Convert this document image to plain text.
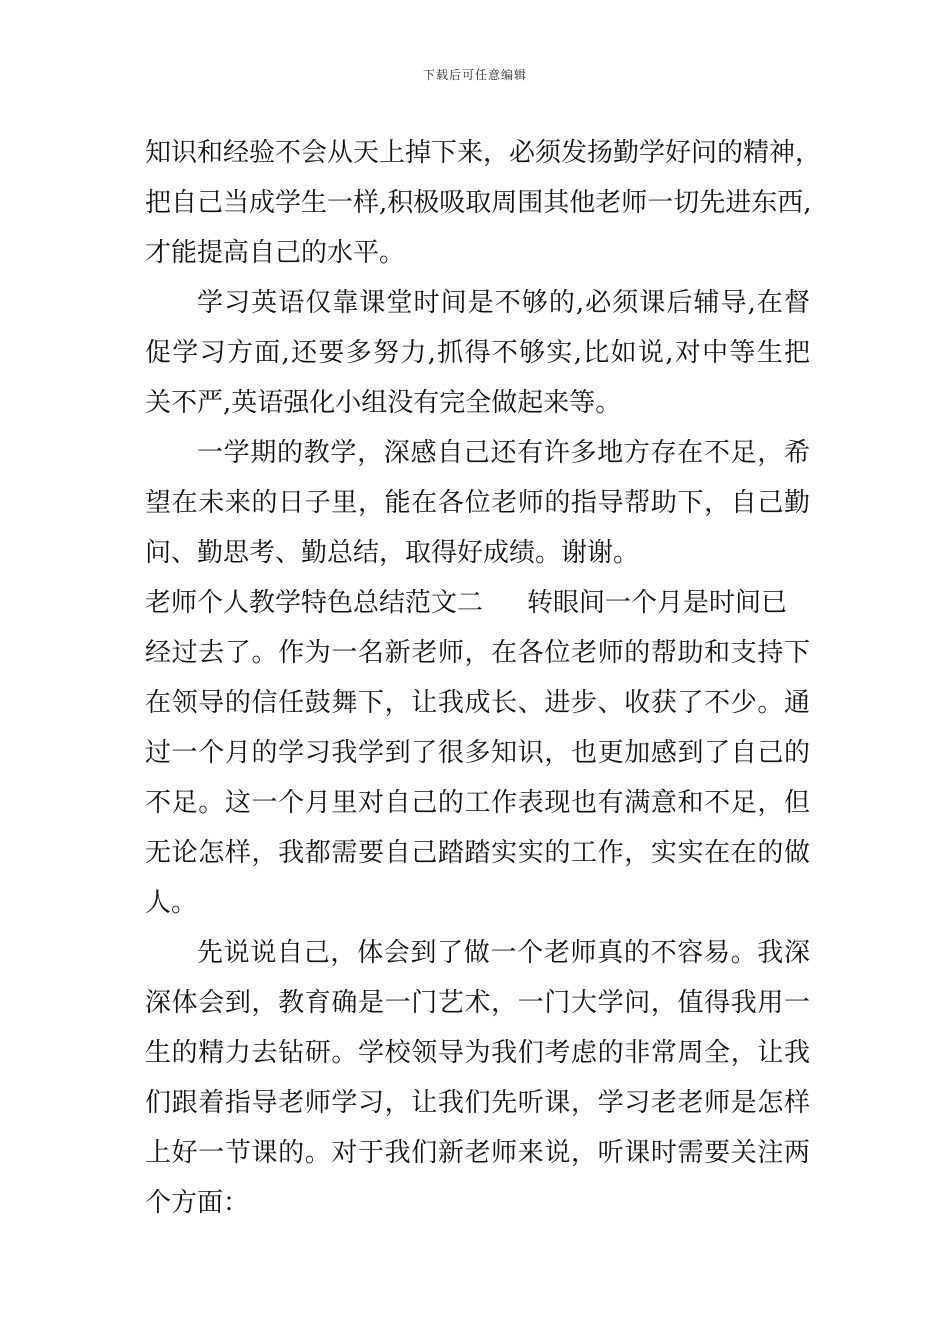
下载后可任意编辑
知识和经验不会从天上掉下来，必须发扬勤学好问的精神，
把自己当成学生一样,积极吸取周围其他老师一切先进东西,
才能提高自己的水平。
学习英语仅靠课堂时间是不够的,必须课后辅导,在督
促学习方面,还要多努力,抓得不够实,比如说,对中等生把
关不严,英语强化小组没有完全做起来等。
一学期的教学，深感自己还有许多地方存在不足，希
望在未来的日子里，能在各位老师的指导帮助下，自己勤
问、勤思考、勤总结，取得好成绩。谢谢。
老师个人教学特色总结范文二 转眼间一个月是时间已
经过去了。作为一名新老师，在各位老师的帮助和支持下
在领导的信任鼓舞下，让我成长、进步、收获了不少。通
过一个月的学习我学到了很多知识，也更加感到了自己的
不足。这一个月里对自己的工作表现也有满意和不足，但
无论怎样，我都需要自己踏踏实实的工作，实实在在的做
人。
先说说自己，体会到了做一个老师真的不容易。我深
深体会到，教育确是一门艺术，一门大学问，值得我用一
生的精力去钻研。学校领导为我们考虑的非常周全，让我
们跟着指导老师学习，让我们先听课，学习老老师是怎样
上好一节课的。对于我们新老师来说，听课时需要关注两
个方面：
